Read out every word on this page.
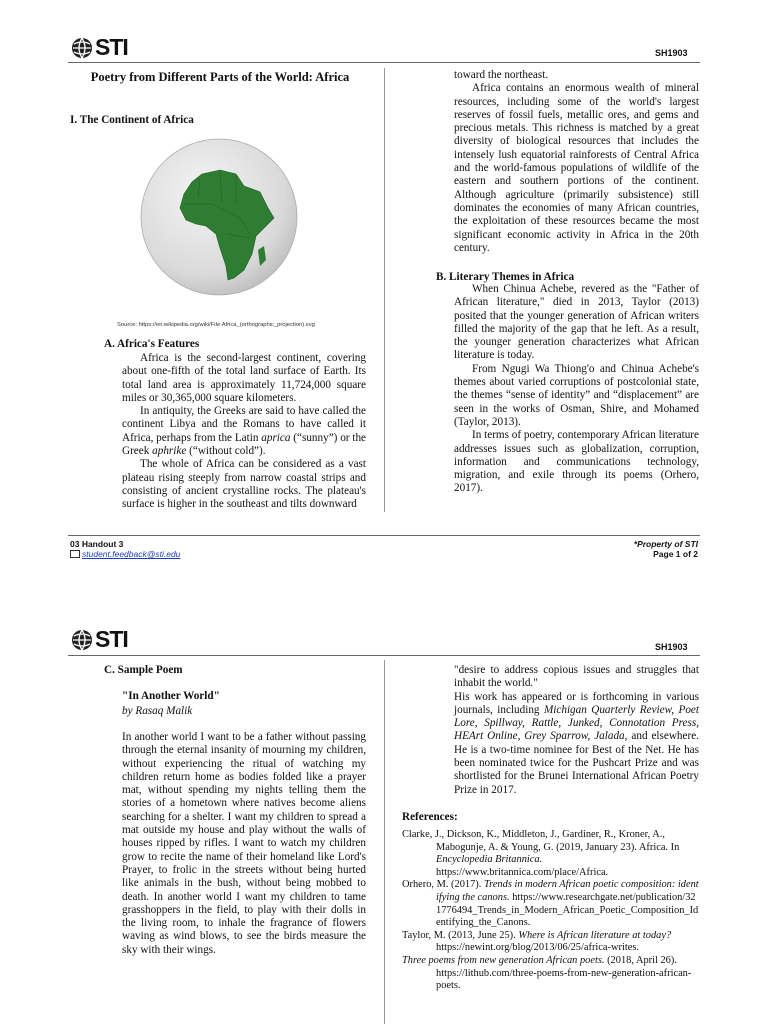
STI	SH1903
Poetry from Different Parts of the World: Africa
I. The Continent of Africa
Source: https://en.wikipedia.org/wiki/File:Africa_(orthographic_projection).svg
A. Africa's Features

Africa is the second-largest continent, covering about one-fifth of the total land surface of Earth. Its total land area is approximately 11,724,000 square miles or 30,365,000 square kilometers.

In antiquity, the Greeks are said to have called the continent Libya and the Romans to have called it Africa, perhaps from the Latin aprica (“sunny”) or the Greek aphrike (“without cold”).

The whole of Africa can be considered as a vast plateau rising steeply from narrow coastal strips and consisting of ancient crystalline rocks. The plateau's surface is higher in the southeast and tilts downward

toward the northeast.

Africa contains an enormous wealth of mineral resources, including some of the world's largest reserves of fossil fuels, metallic ores, and gems and precious metals. This richness is matched by a great diversity of biological resources that includes the intensely lush equatorial rainforests of Central Africa and the world-famous populations of wildlife of the eastern and southern portions of the continent. Although agriculture (primarily subsistence) still dominates the economies of many African countries, the exploitation of these resources became the most significant economic activity in Africa in the 20th century.

B. Literary Themes in Africa

When Chinua Achebe, revered as the "Father of African literature," died in 2013, Taylor (2013) posited that the younger generation of African writers filled the majority of the gap that he left. As a result, the younger generation characterizes what African literature is today.

From Ngugi Wa Thiong'o and Chinua Achebe's themes about varied corruptions of postcolonial state, the themes “sense of identity” and “displacement” are seen in the works of Osman, Shire, and Mohamed (Taylor, 2013).

In terms of poetry, contemporary African literature addresses issues such as globalization, corruption, information and communications technology, migration, and exile through its poems (Orhero, 2017).

03 Handout 3
student.feedback@sti.edu
*Property of STI
Page 1 of 2
STI	SH1903
C. Sample Poem
"In Another World"
by Rasaq Malik
In another world I want to be a father without passing through the eternal insanity of mourning my children, without experiencing the ritual of watching my children return home as bodies folded like a prayer mat, without spending my nights telling them the stories of a hometown where natives become aliens searching for a shelter. I want my children to spread a mat outside my house and play without the walls of houses ripped by rifles. I want to watch my children grow to recite the name of their homeland like Lord's Prayer, to frolic in the streets without being hurted like animals in the bush, without being mobbed to death. In another world I want my children to tame grasshoppers in the field, to play with their dolls in the living room, to inhale the fragrance of flowers waving as wind blows, to see the birds measure the sky with their wings.

"desire to address copious issues and struggles that inhabit the world."

His work has appeared or is forthcoming in various journals, including Michigan Quarterly Review, Poet Lore, Spillway, Rattle, Junked, Connotation Press, HEArt Online, Grey Sparrow, Jalada, and elsewhere. He is a two-time nominee for Best of the Net. He has been nominated twice for the Pushcart Prize and was shortlisted for the Brunei International African Poetry Prize in 2017.

References:

Clarke, J., Dickson, K., Middleton, J., Gardiner, R., Kroner, A., Mabogunje, A. & Young, G. (2019, January 23). Africa. In Encyclopedia Britannica. https://www.britannica.com/place/Africa.

Orhero, M. (2017). Trends in modern African poetic composition: identifying the canons. https://www.researchgate.net/publication/321776494_Trends_in_Modern_African_Poetic_Composition_Identifying_the_Canons.

Taylor, M. (2013, June 25). Where is African literature at today? https://newint.org/blog/2013/06/25/africa-writes.

Three poems from new generation African poets. (2018, April 26). https://lithub.com/three-poems-from-new-generation-african-poets.
